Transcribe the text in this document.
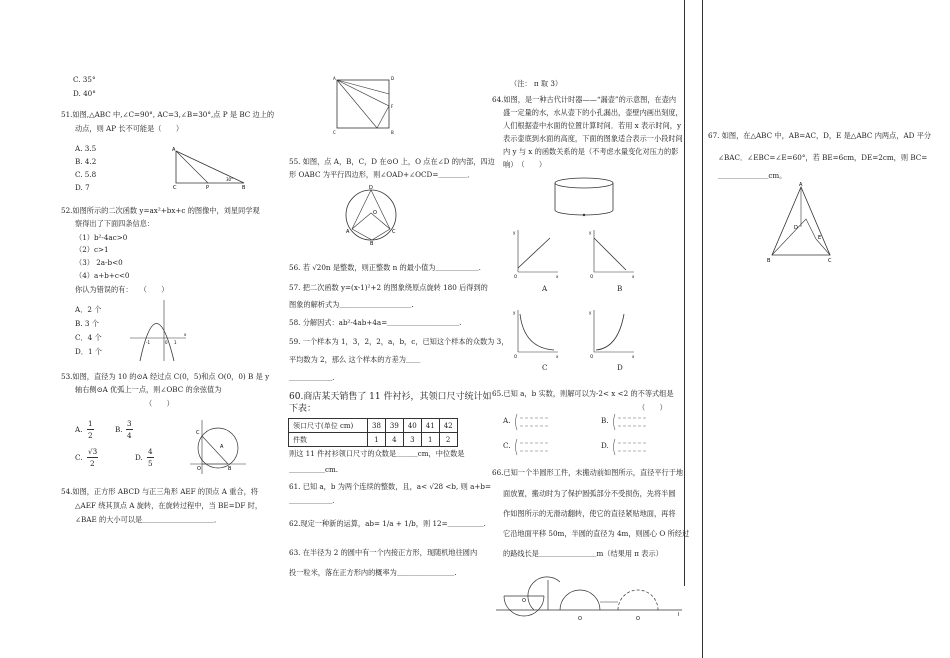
C. 35°
D. 40°
51.如图,△ABC 中,∠C=90°, AC=3,∠B=30°,点 P 是 BC 边上的
动点，则 AP 长不可能是（　　）
A. 3.5
B. 4.2
C. 5.8
D. 7
A
C	P	B
30°
52.如图所示的二次函数 y=ax²+bx+c 的图像中，刘星同学观
察得出了下面四条信息：
（1）b²-4ac>0
（2）c>1
（3） 2a-b<0
（4）a+b+c<0
你认为错误的有：　　（　　）
A．2 个
B. 3 个
C．4 个
D．1 个
-1	0 1
x
53.如图，直径为 10 的⊙A 经过点 C(0，5)和点 O(0，0) B 是 y
轴右侧⊙A 优弧上一点，则∠OBC 的余弦值为
（　　）
A.
1
2
B.
3
4
C.
√3
2
D.
4
5
C
A
O	B
54.如图，正方形 ABCD 与正三角形 AEF 的顶点 A 重合，将
△AEF 绕其顶点 A 旋转，在旋转过程中，当 BE=DF 时，
∠BAE 的大小可以是＿＿＿＿＿＿＿＿＿＿．
A	D
C	B
F
55. 如图，点 A，B，C，D 在⊙O 上，O 点在∠D 的内部，四边
形 OABC 为平行四边形，则∠OAD+∠OCD=＿＿＿＿．
D
O
A	C
B
56. 若 √20n 是整数，则正整数 n 的最小值为＿＿＿＿＿＿.
57. 把二次函数 y=(x-1)²+2 的图象绕原点旋转 180 后得到的
图象的解析式为＿＿＿＿＿＿＿＿＿＿.
58. 分解因式：ab²-4ab+4a=＿＿＿＿＿＿＿＿＿＿.
59. 一个样本为 1，3，2，2，a，b，c，已知这个样本的众数为 3，
平均数为 2，那么 这个样本的方差为＿＿
＿＿＿＿＿＿.
60.商店某天销售了 11 件衬衫，其领口尺寸统计如
下表：
领口尺寸(单位 cm)	38	39	40	41	42
件数	1	4	3	1	2
则这 11 件衬衫领口尺寸的众数是＿＿＿cm，中位数是
＿＿＿＿＿cm.
61. 已知 a，b 为两个连续的整数，且，a< √28 <b, 则 a+b=
＿＿＿＿＿＿.
62.现定一种新的运算，ab= 1/a + 1/b，则 12=＿＿＿＿＿.
63. 在半径为 2 的圆中有一个内接正方形，现随机地往圆内
投一粒米，落在正方形内的概率为＿＿＿＿＿＿＿＿.
（注： π 取 3）
64.如图，是一种古代计时器——“漏壶”的示意图，在壶内
盛一定量的水，水从壶下的小孔漏出，壶壁内画出刻度，
人们根据壶中水面的位置计算时间．若用 x 表示时间，y
表示壶底到水面的高度，下面的图象适合表示一小段时间
内 y 与 x 的函数关系的是（不考虑水量变化对压力的影
响）　（　　）
y
x
O
A
y
x
O
B
y
x
O
C
y
x
O
D
65.已知 a，b 实数，则解可以为-2< x <2 的不等式组是
（　　）
A.	B.
C.	D.
66.已知一个半圆形工件，未搬动前如图所示，直径平行于地
面放置，搬动时为了保护圆弧部分不受损伤，先将半圆
作如图所示的无滑动翻转，使它的直径紧贴地面，再将
它沿地面平移 50m，半圆的直径为 4m，则圆心 O 所经过
的路线长是＿＿＿＿＿＿＿＿m（结果用 π 表示）
O
O	O
l
67. 如图，在△ABC 中，AB=AC，D，E 是△ABC 内两点，AD 平分
∠BAC．∠EBC=∠E=60°，若 BE=6cm，DE=2cm，则 BC=
＿＿＿＿＿＿＿cm。
A
B	C
D
E
